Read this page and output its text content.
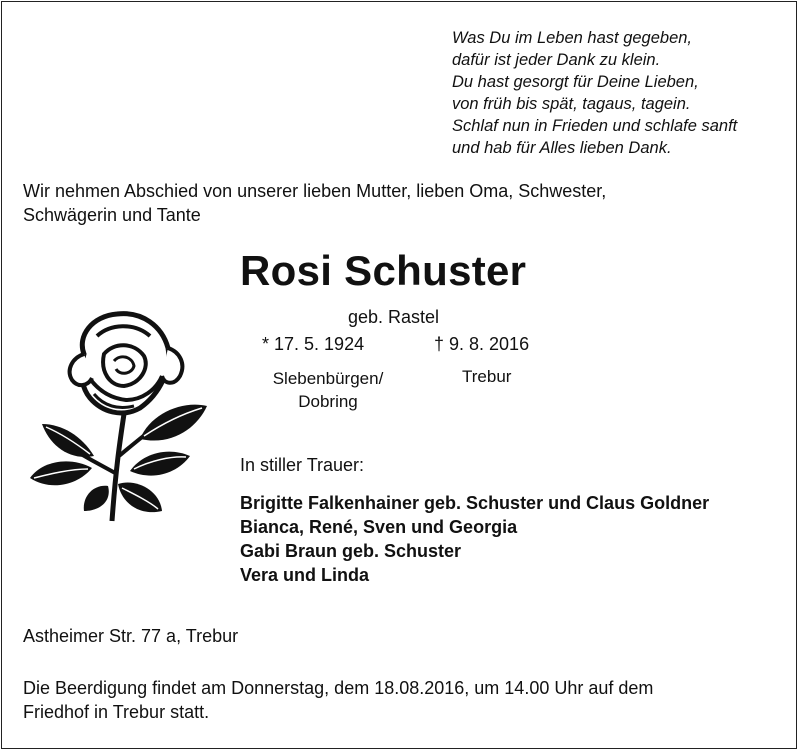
Was Du im Leben hast gegeben,
dafür ist jeder Dank zu klein.
Du hast gesorgt für Deine Lieben,
von früh bis spät, tagaus, tagein.
Schlaf nun in Frieden und schlafe sanft
und hab für Alles lieben Dank.
Wir nehmen Abschied von unserer lieben Mutter, lieben Oma, Schwester,
Schwägerin und Tante
Rosi Schuster
geb. Rastel
* 17. 5. 1924	† 9. 8. 2016
Slebenbürgen/
Dobring
Trebur
In stiller Trauer:
Brigitte Falkenhainer geb. Schuster und Claus Goldner
Bianca, René, Sven und Georgia
Gabi Braun geb. Schuster
Vera und Linda
Astheimer Str. 77 a, Trebur
Die Beerdigung findet am Donnerstag, dem 18.08.2016, um 14.00 Uhr auf dem
Friedhof in Trebur statt.
